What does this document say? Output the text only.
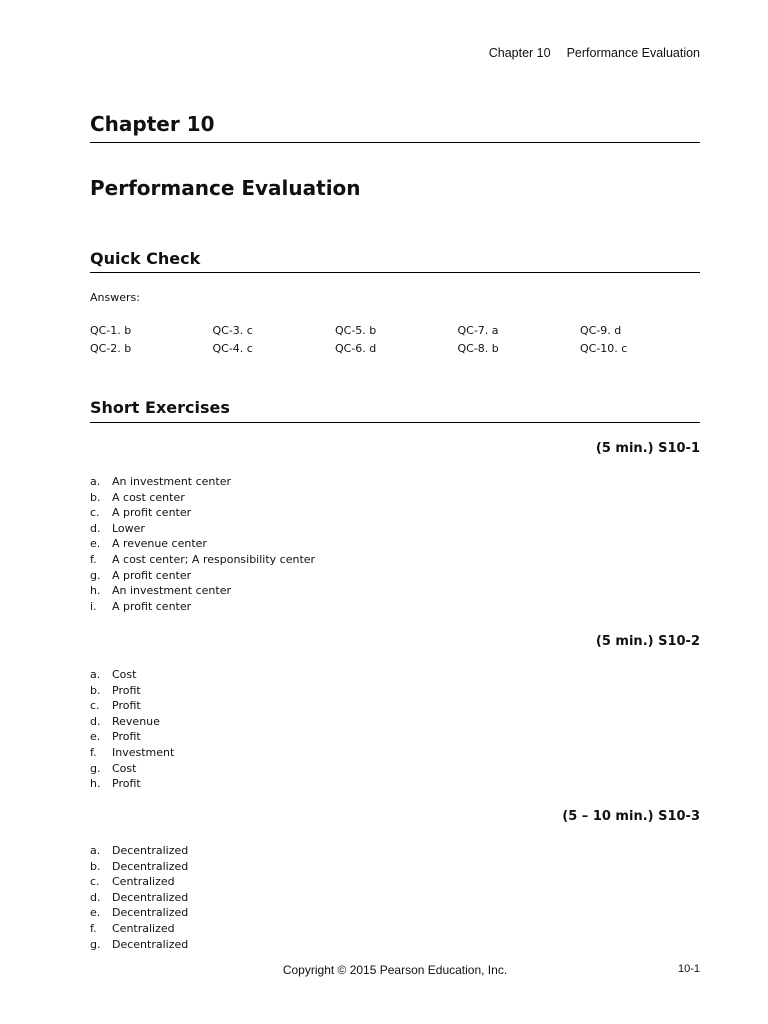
Chapter 10 Performance Evaluation
Chapter 10
Performance Evaluation
Quick Check
Answers:
QC-1. b	QC-3. c	QC-5. b	QC-7. a	QC-9. d
QC-2. b	QC-4. c	QC-6. d	QC-8. b	QC-10. c
Short Exercises
(5 min.) S10-1
a. An investment center
b. A cost center
c. A profit center
d. Lower
e. A revenue center
f. A cost center; A responsibility center
g. A profit center
h. An investment center
i. A profit center
(5 min.) S10-2
a. Cost
b. Profit
c. Profit
d. Revenue
e. Profit
f. Investment
g. Cost
h. Profit
(5 – 10 min.) S10-3
a. Decentralized
b. Decentralized
c. Centralized
d. Decentralized
e. Decentralized
f. Centralized
g. Decentralized
Copyright © 2015 Pearson Education, Inc.	10-1
